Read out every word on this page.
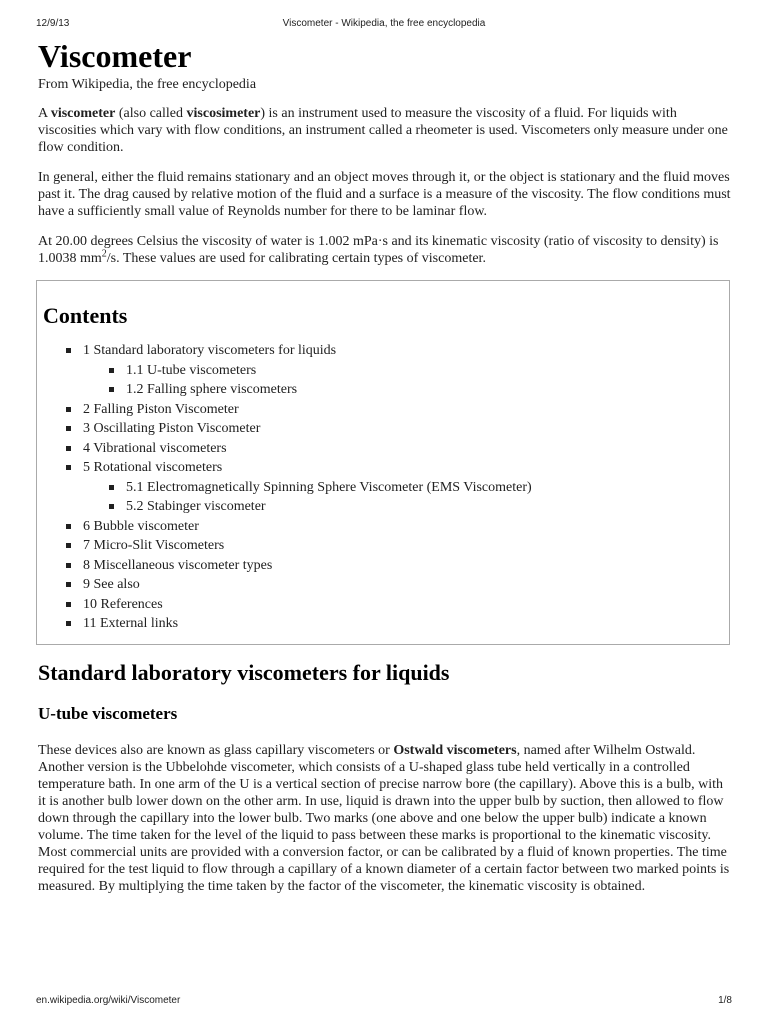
12/9/13	Viscometer - Wikipedia, the free encyclopedia
Viscometer
From Wikipedia, the free encyclopedia

A viscometer (also called viscosimeter) is an instrument used to measure the viscosity of a fluid. For liquids with viscosities which vary with flow conditions, an instrument called a rheometer is used. Viscometers only measure under one flow condition.

In general, either the fluid remains stationary and an object moves through it, or the object is stationary and the fluid moves past it. The drag caused by relative motion of the fluid and a surface is a measure of the viscosity. The flow conditions must have a sufficiently small value of Reynolds number for there to be laminar flow.

At 20.00 degrees Celsius the viscosity of water is 1.002 mPa·s and its kinematic viscosity (ratio of viscosity to density) is 1.0038 $mm^2/s$. These values are used for calibrating certain types of viscometer.

Contents
1 Standard laboratory viscometers for liquids
1.1 U-tube viscometers
1.2 Falling sphere viscometers
2 Falling Piston Viscometer
3 Oscillating Piston Viscometer
4 Vibrational viscometers
5 Rotational viscometers
5.1 Electromagnetically Spinning Sphere Viscometer (EMS Viscometer)
5.2 Stabinger viscometer
6 Bubble viscometer
7 Micro-Slit Viscometers
8 Miscellaneous viscometer types
9 See also
10 References
11 External links
Standard laboratory viscometers for liquids
U-tube viscometers

These devices also are known as glass capillary viscometers or Ostwald viscometers, named after Wilhelm Ostwald. Another version is the Ubbelohde viscometer, which consists of a U-shaped glass tube held vertically in a controlled temperature bath. In one arm of the U is a vertical section of precise narrow bore (the capillary). Above this is a bulb, with it is another bulb lower down on the other arm. In use, liquid is drawn into the upper bulb by suction, then allowed to flow down through the capillary into the lower bulb. Two marks (one above and one below the upper bulb) indicate a known volume. The time taken for the level of the liquid to pass between these marks is proportional to the kinematic viscosity. Most commercial units are provided with a conversion factor, or can be calibrated by a fluid of known properties. The time required for the test liquid to flow through a capillary of a known diameter of a certain factor between two marked points is measured. By multiplying the time taken by the factor of the viscometer, the kinematic viscosity is obtained.

en.wikipedia.org/wiki/Viscometer	1/8
